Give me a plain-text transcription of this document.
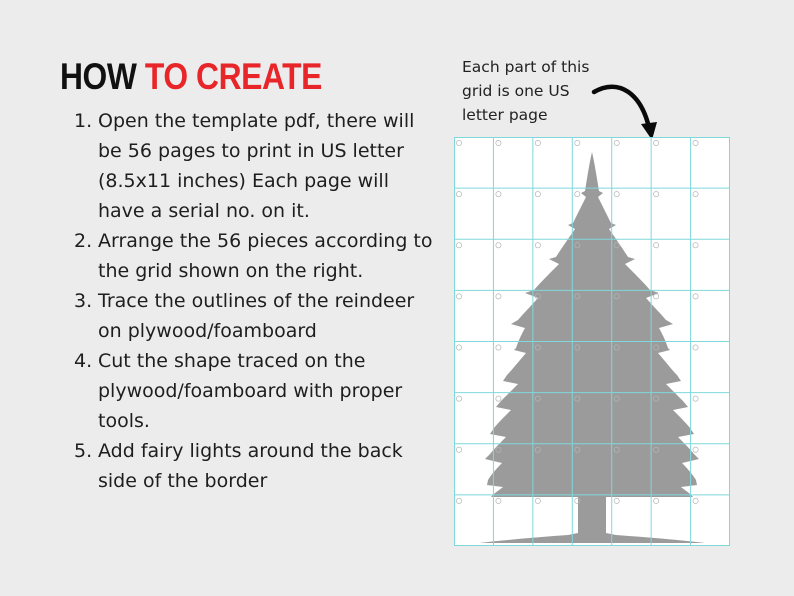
HOW TO CREATE
1. Open the template pdf, there will be 56 pages to print in US letter (8.5x11 inches) Each page will have a serial no. on it.
2. Arrange the 56 pieces according to the grid shown on the right.
3. Trace the outlines of the reindeer on plywood/foamboard
4. Cut the shape traced on the plywood/foamboard with proper tools.
5. Add fairy lights around the back side of the border
Each part of this
grid is one US
letter page
